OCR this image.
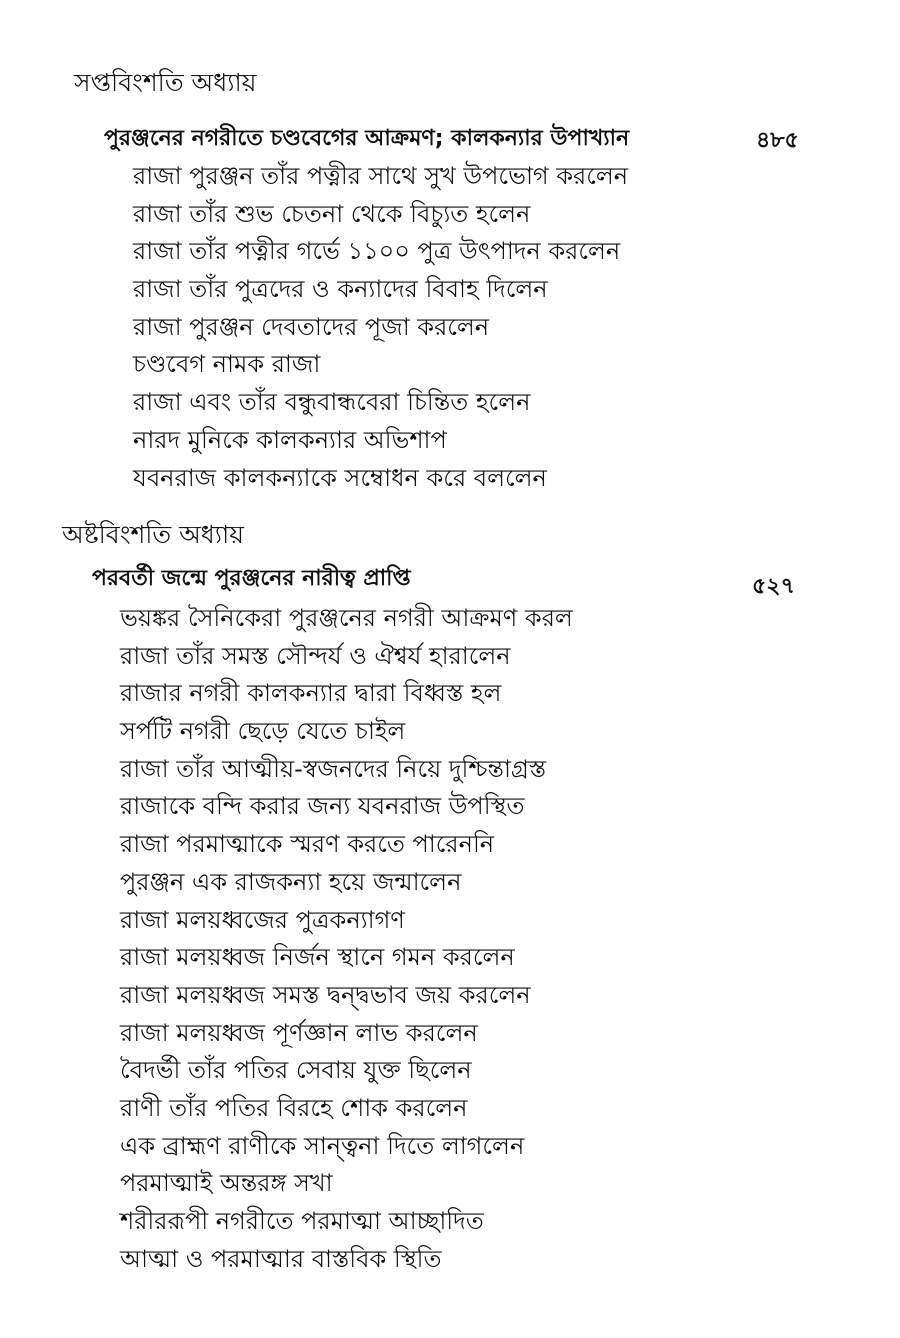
সপ্তবিংশতি অধ্যায়
পুরঞ্জনের নগরীতে চণ্ডবেগের আক্রমণ; কালকন্যার উপাখ্যান	৪৮৫
রাজা পুরঞ্জন তাঁর পত্নীর সাথে সুখ উপভোগ করলেন
রাজা তাঁর শুভ চেতনা থেকে বিচ্যুত হলেন
রাজা তাঁর পত্নীর গর্ভে ১১০০ পুত্র উৎপাদন করলেন
রাজা তাঁর পুত্রদের ও কন্যাদের বিবাহ দিলেন
রাজা পুরঞ্জন দেবতাদের পূজা করলেন
চণ্ডবেগ নামক রাজা
রাজা এবং তাঁর বন্ধুবান্ধবেরা চিন্তিত হলেন
নারদ মুনিকে কালকন্যার অভিশাপ
যবনরাজ কালকন্যাকে সম্বোধন করে বললেন
অষ্টবিংশতি অধ্যায়
পরবর্তী জন্মে পুরঞ্জনের নারীত্ব প্রাপ্তি	৫২৭
ভয়ঙ্কর সৈনিকেরা পুরঞ্জনের নগরী আক্রমণ করল
রাজা তাঁর সমস্ত সৌন্দর্য ও ঐশ্বর্য হারালেন
রাজার নগরী কালকন্যার দ্বারা বিধ্বস্ত হল
সর্পটি নগরী ছেড়ে যেতে চাইল
রাজা তাঁর আত্মীয়-স্বজনদের নিয়ে দুশ্চিন্তাগ্রস্ত
রাজাকে বন্দি করার জন্য যবনরাজ উপস্থিত
রাজা পরমাত্মাকে স্মরণ করতে পারেননি
পুরঞ্জন এক রাজকন্যা হয়ে জন্মালেন
রাজা মলয়ধ্বজের পুত্রকন্যাগণ
রাজা মলয়ধ্বজ নির্জন স্থানে গমন করলেন
রাজা মলয়ধ্বজ সমস্ত দ্বন্দ্বভাব জয় করলেন
রাজা মলয়ধ্বজ পূর্ণজ্ঞান লাভ করলেন
বৈদর্ভী তাঁর পতির সেবায় যুক্ত ছিলেন
রাণী তাঁর পতির বিরহে শোক করলেন
এক ব্রাহ্মণ রাণীকে সান্ত্বনা দিতে লাগলেন
পরমাত্মাই অন্তরঙ্গ সখা
শরীররূপী নগরীতে পরমাত্মা আচ্ছাদিত
আত্মা ও পরমাত্মার বাস্তবিক স্থিতি
